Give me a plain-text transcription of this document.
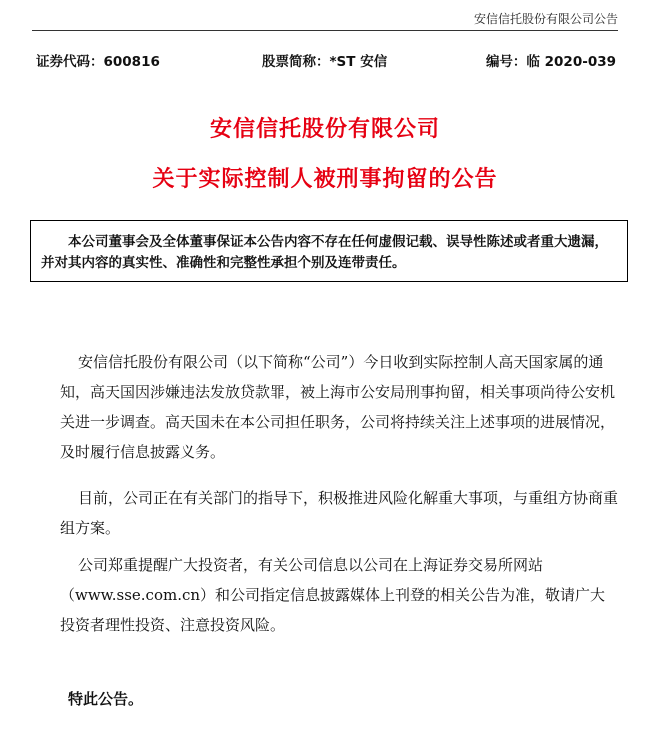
安信信托股份有限公司公告
证券代码：600816	股票简称：*ST 安信	编号：临 2020-039
安信信托股份有限公司
关于实际控制人被刑事拘留的公告
本公司董事会及全体董事保证本公告内容不存在任何虚假记载、误导性陈述或者重大遗漏，并对其内容的真实性、准确性和完整性承担个别及连带责任。

安信信托股份有限公司（以下简称“公司”）今日收到实际控制人高天国家属的通知，高天国因涉嫌违法发放贷款罪，被上海市公安局刑事拘留，相关事项尚待公安机关进一步调查。高天国未在本公司担任职务，公司将持续关注上述事项的进展情况，及时履行信息披露义务。

目前，公司正在有关部门的指导下，积极推进风险化解重大事项，与重组方协商重组方案。

公司郑重提醒广大投资者，有关公司信息以公司在上海证券交易所网站（www.sse.com.cn）和公司指定信息披露媒体上刊登的相关公告为准，敬请广大投资者理性投资、注意投资风险。

特此公告。
